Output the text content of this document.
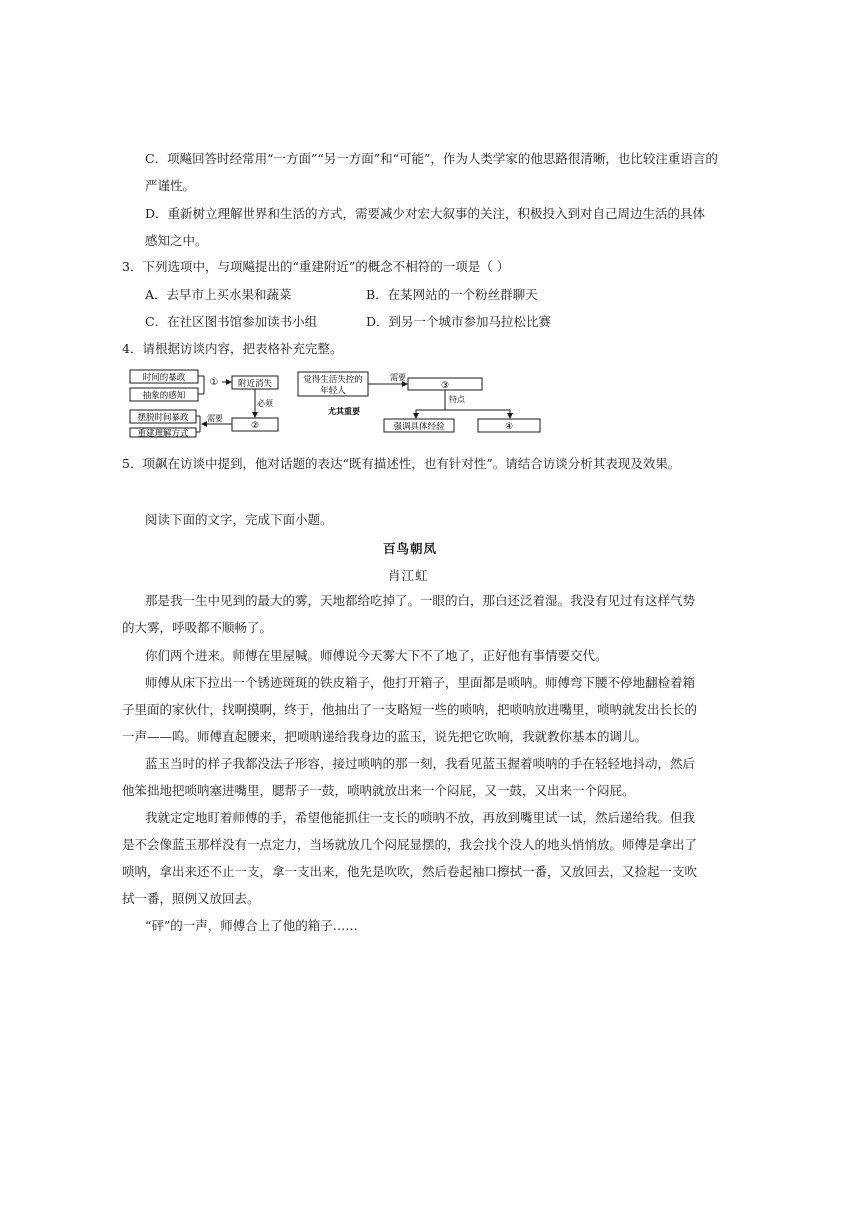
C．项飚回答时经常用“一方面”“另一方面”和“可能”，作为人类学家的他思路很清晰，也比较注重语言的
严谨性。
D．重新树立理解世界和生活的方式，需要减少对宏大叙事的关注，积极投入到对自己周边生活的具体
感知之中。
3．下列选项中，与项飚提出的“重建附近”的概念不相符的一项是（ ）
A．去早市上买水果和蔬菜	B．在某网站的一个粉丝群聊天
C．在社区图书馆参加读书小组	D．到另一个城市参加马拉松比赛
4．请根据访谈内容，把表格补充完整。
时间的暴政
抽象的感知
① 附近消失
必须
②
需要
摆脱时间暴政
重建理解方式
觉得生活失控的
年轻人
需要
③
特点
尤其重要
强调具体经验	④
5．项飙在访谈中提到，他对话题的表达“既有描述性，也有针对性”。请结合访谈分析其表现及效果。
阅读下面的文字，完成下面小题。
百鸟朝凤
肖江虹
那是我一生中见到的最大的雾，天地都给吃掉了。一眼的白，那白还泛着湿。我没有见过有这样气势
的大雾，呼吸都不顺畅了。
你们两个进来。师傅在里屋喊。师傅说今天雾大下不了地了，正好他有事情要交代。
师傅从床下拉出一个锈迹斑斑的铁皮箱子，他打开箱子，里面都是唢呐。师傅弯下腰不停地翻检着箱
子里面的家伙什，找啊摸啊，终于，他抽出了一支略短一些的唢呐，把唢呐放进嘴里，唢呐就发出长长的
一声——呜。师傅直起腰来，把唢呐递给我身边的蓝玉，说先把它吹响，我就教你基本的调儿。
蓝玉当时的样子我都没法子形容，接过唢呐的那一刻，我看见蓝玉握着唢呐的手在轻轻地抖动，然后
他笨拙地把唢呐塞进嘴里，腮帮子一鼓，唢呐就放出来一个闷屁，又一鼓，又出来一个闷屁。
我就定定地盯着师傅的手，希望他能抓住一支长的唢呐不放，再放到嘴里试一试，然后递给我。但我
是不会像蓝玉那样没有一点定力，当场就放几个闷屁显摆的，我会找个没人的地头悄悄放。师傅是拿出了
唢呐，拿出来还不止一支，拿一支出来，他先是吹吹，然后卷起袖口擦拭一番，又放回去，又捡起一支吹
拭一番，照例又放回去。
“砰”的一声，师傅合上了他的箱子……
